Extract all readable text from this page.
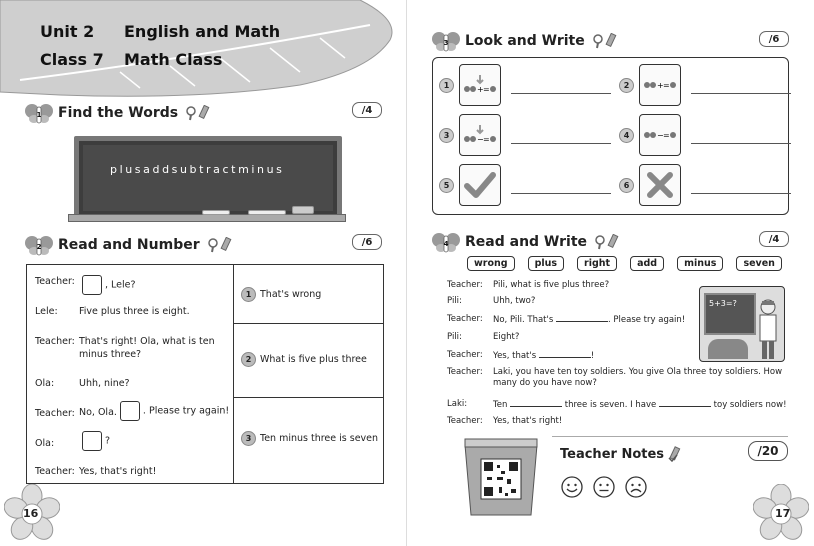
Unit 2 English and Math
Class 7 Math Class
1 Find the Words	/4
plusaddsubtractminus
2 Read and Number	/6
Teacher:	, Lele?
Lele: Five plus three is eight.
Teacher: That's right! Ola, what is ten minus three?
Ola:	Uhh, nine?
Teacher: No, Ola.	. Please try again!
Ola:	?
Teacher: Yes, that's right!
1 That's wrong
2 What is five plus three
3 Ten minus three is seven
16
3 Look and Write	/6
1	+ =	2	+ =
3	− =	4	− =
5	6
4 Read and Write	/4
wrong	plus	right	add	minus	seven
Teacher: Pili, what is five plus three?
Pili:	Uhh, two?
Teacher: No, Pili. That's	. Please try again!
Pili:	Eight?
Teacher: Yes, that's	!
Teacher: Laki, you have ten toy soldiers. You give Ola three toy soldiers. How many do you have now?
Laki:	Ten	three is seven. I have	toy soldiers now!
Teacher: Yes, that's right!
5+3=?
Teacher Notes	/20
17
